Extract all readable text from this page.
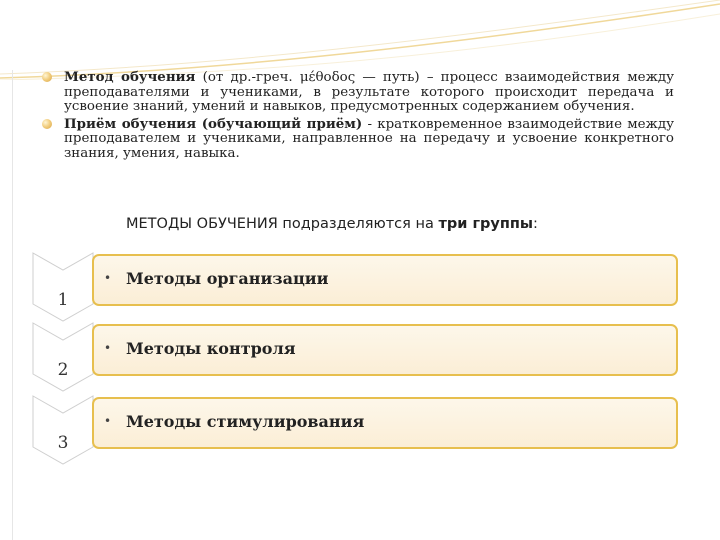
Метод обучения (от др.-греч. μέθοδος — путь) – процесс взаимодействия между преподавателями и учениками, в результате которого происходит передача и усвоение знаний, умений и навыков, предусмотренных содержанием обучения.
Приём обучения (обучающий приём) - кратковременное взаимодействие между преподавателем и учениками, направленное на передачу и усвоение конкретного знания, умения, навыка.
МЕТОДЫ ОБУЧЕНИЯ подразделяются на три группы:
1
• Методы организации
2
• Методы контроля
3
• Методы стимулирования
